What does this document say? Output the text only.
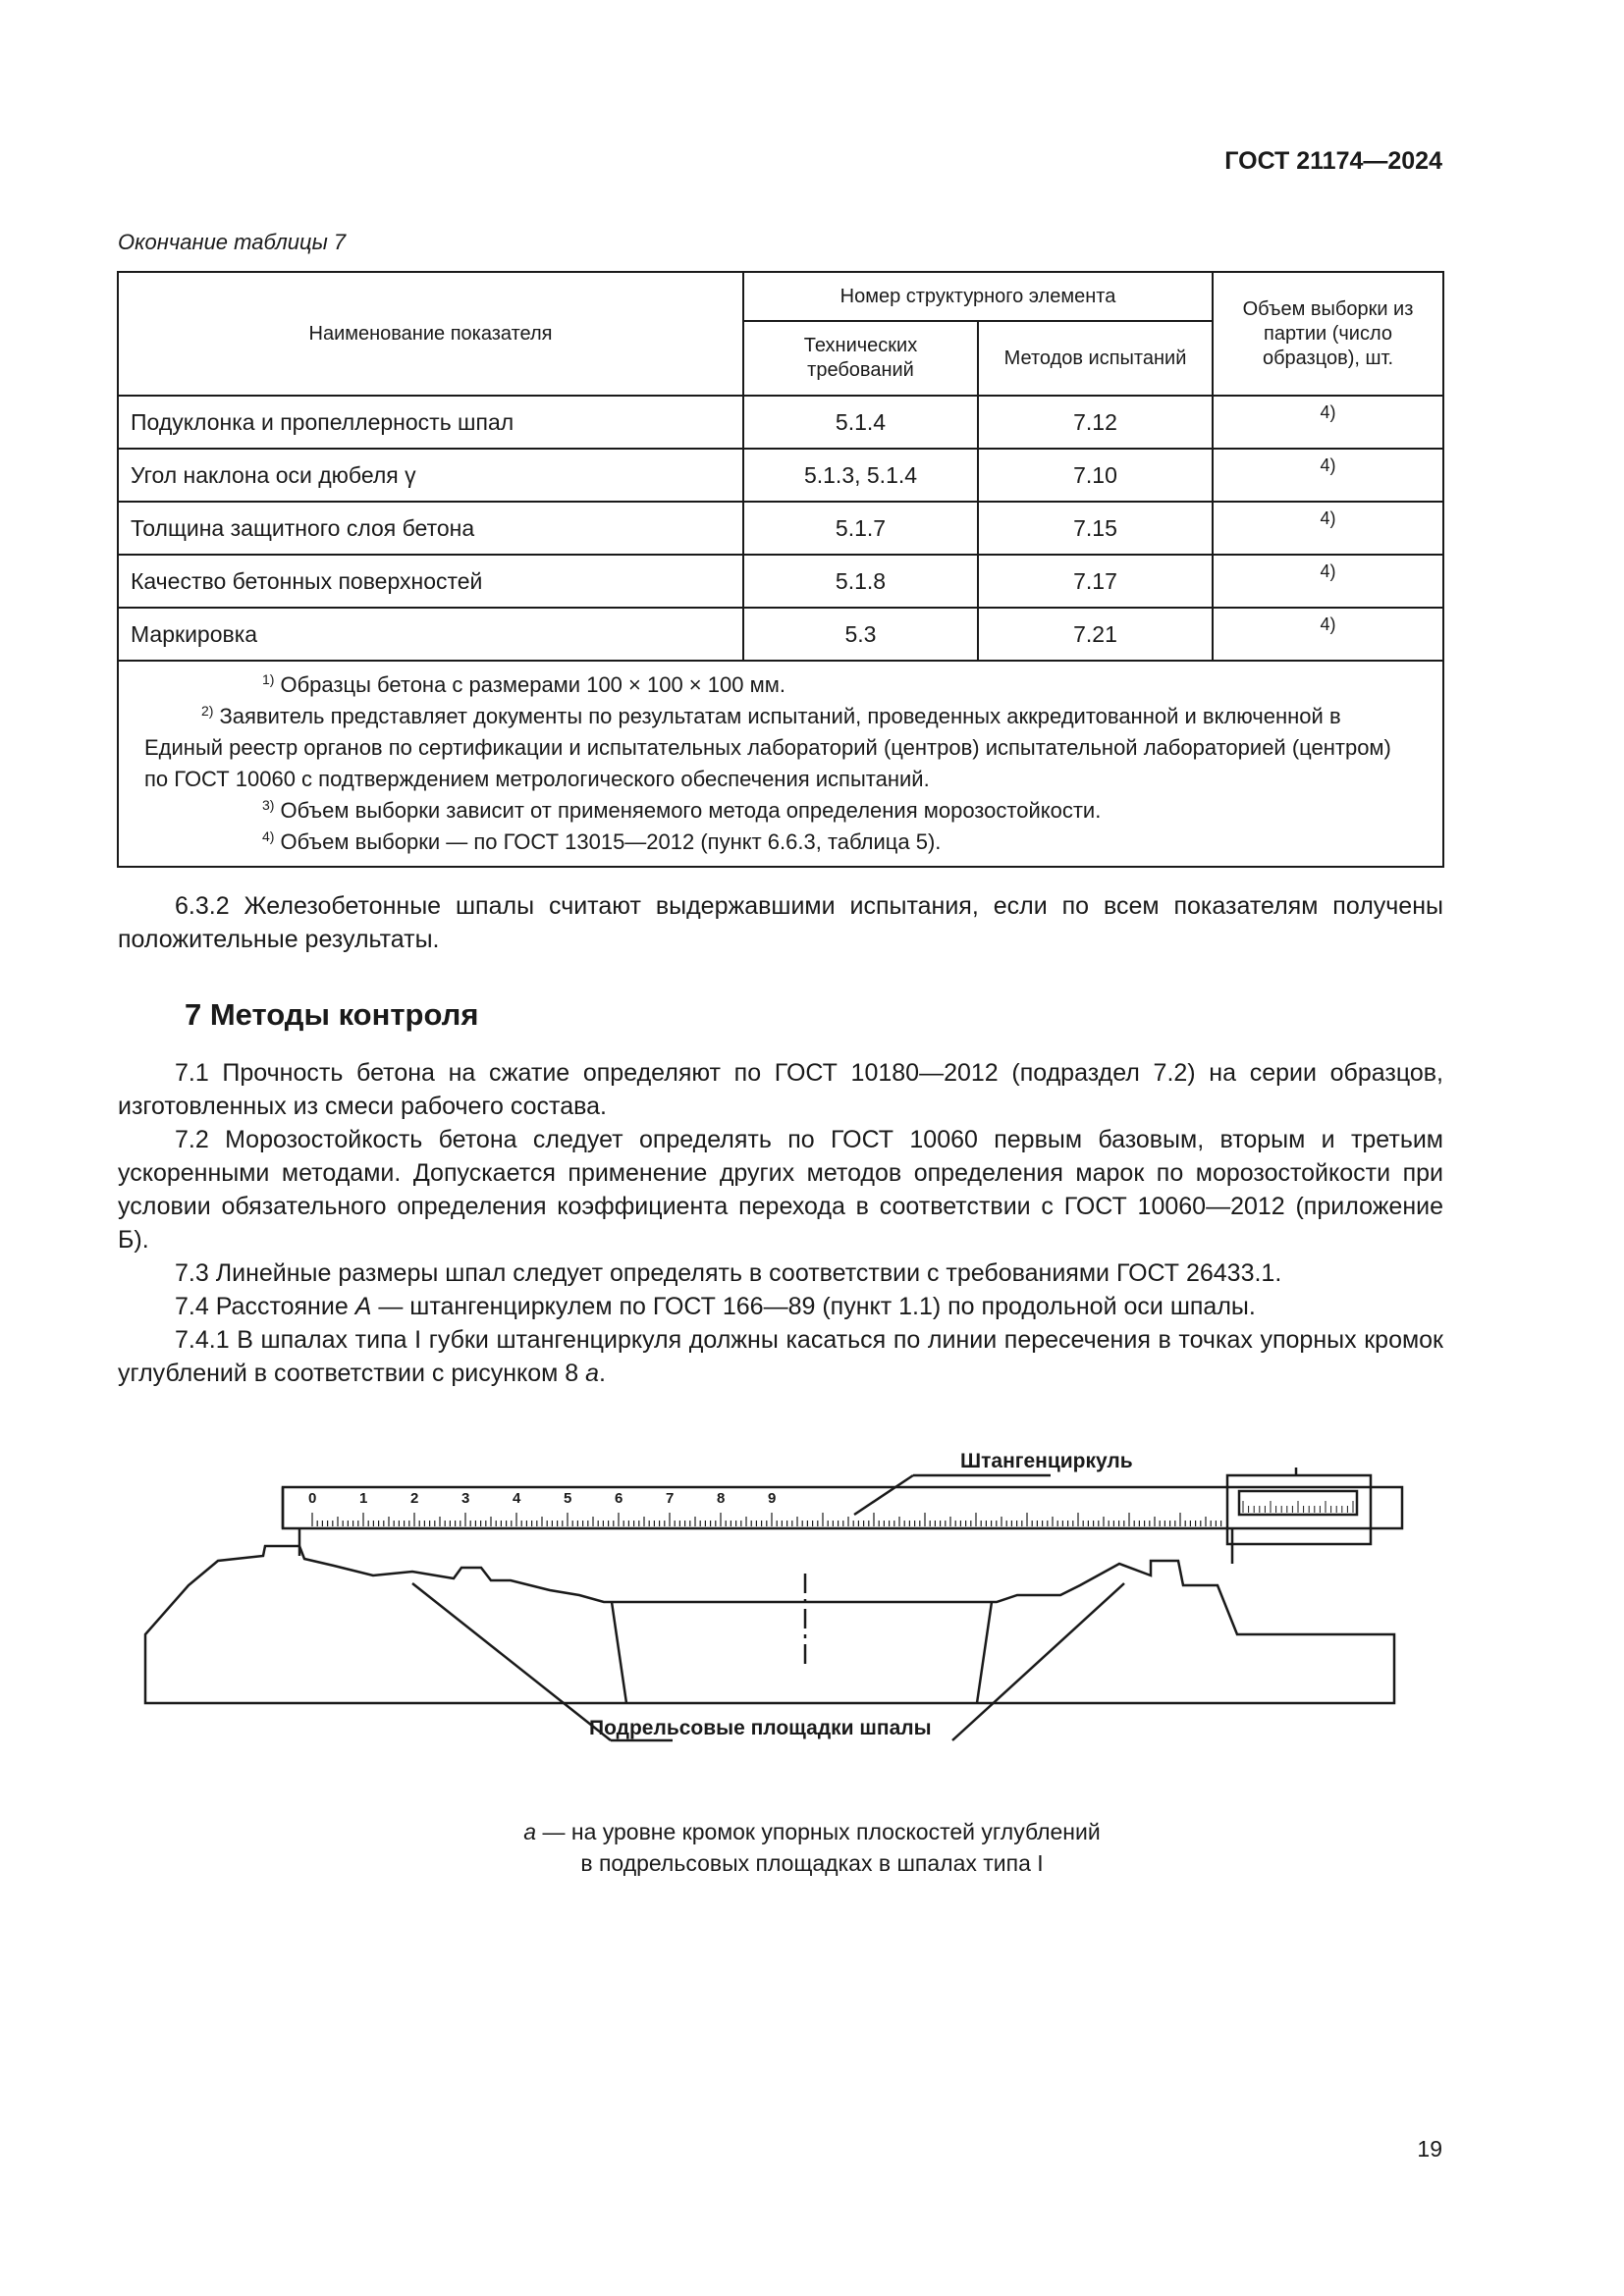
ГОСТ 21174—2024
Окончание таблицы 7
Наименование показателя	Номер структурного элемента		Объем выборки из партии (число образцов), шт.
	Технических требований	Методов испытаний	
Подуклонка и пропеллерность шпал	5.1.4	7.12	4)
Угол наклона оси дюбеля γ	5.1.3, 5.1.4	7.10	4)
Толщина защитного слоя бетона	5.1.7	7.15	4)
Качество бетонных поверхностей	5.1.8	7.17	4)
Маркировка	5.3	7.21	4)

$^{1)}$ Образцы бетона с размерами 100 × 100 × 100 мм.
$^{2)}$ Заявитель представляет документы по результатам испытаний, проведенных аккредитованной и включенной в Единый реестр органов по сертификации и испытательных лабораторий (центров) испытательной лабораторией (центром) по ГОСТ 10060 с подтверждением метрологического обеспечения испытаний.
$^{3)}$ Объем выборки зависит от применяемого метода определения морозостойкости.
$^{4)}$ Объем выборки — по ГОСТ 13015—2012 (пункт 6.6.3, таблица 5).			

6.3.2 Железобетонные шпалы считают выдержавшими испытания, если по всем показателям получены положительные результаты.

7 Методы контроля

7.1 Прочность бетона на сжатие определяют по ГОСТ 10180—2012 (подраздел 7.2) на серии образцов, изготовленных из смеси рабочего состава.

7.2 Морозостойкость бетона следует определять по ГОСТ 10060 первым базовым, вторым и третьим ускоренными методами. Допускается применение других методов определения марок по морозостойкости при условии обязательного определения коэффициента перехода в соответствии с ГОСТ 10060—2012 (приложение Б).

7.3 Линейные размеры шпал следует определять в соответствии с требованиями ГОСТ 26433.1.

7.4 Расстояние А — штангенциркулем по ГОСТ 166—89 (пункт 1.1) по продольной оси шпалы.

7.4.1 В шпалах типа I губки штангенциркуля должны касаться по линии пересечения в точках упорных кромок углублений в соответствии с рисунком 8 а.

0	1	2	3	4	5	6	7	8	9
Штангенциркуль
Подрельсовые площадки шпалы
а — на уровне кромок упорных плоскостей углублений
в подрельсовых площадках в шпалах типа I
19
